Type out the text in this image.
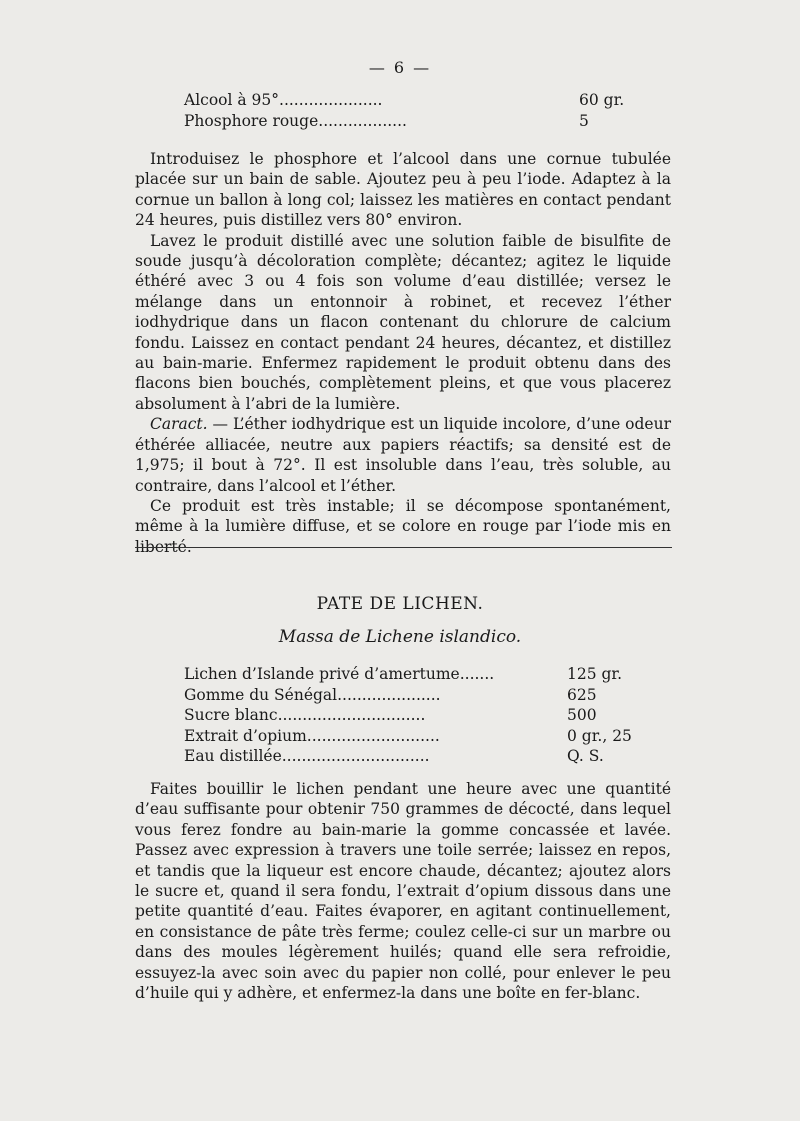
— 6 —
Alcool à 95°.....................	60 gr.
Phosphore rouge..................	5

Introduisez le phosphore et l’alcool dans une cornue tubulée placée sur un bain de sable. Ajoutez peu à peu l’iode. Adaptez à la cornue un ballon à long col; laissez les matières en contact pendant 24 heures, puis distillez vers 80° environ.

Lavez le produit distillé avec une solution faible de bisulfite de soude jusqu’à décoloration complète; décantez; agitez le liquide éthéré avec 3 ou 4 fois son volume d’eau distillée; versez le mélange dans un entonnoir à robinet, et recevez l’éther iodhydrique dans un flacon contenant du chlorure de calcium fondu. Laissez en contact pendant 24 heures, décantez, et distillez au bain-marie. Enfermez rapidement le produit obtenu dans des flacons bien bouchés, complètement pleins, et que vous placerez absolument à l’abri de la lumière.

Caract. — L’éther iodhydrique est un liquide incolore, d’une odeur éthérée alliacée, neutre aux papiers réactifs; sa densité est de 1,975; il bout à 72°. Il est insoluble dans l’eau, très soluble, au contraire, dans l’alcool et l’éther.

Ce produit est très instable; il se décompose spontanément, même à la lumière diffuse, et se colore en rouge par l’iode mis en liberté.

PATE DE LICHEN.
Massa de Lichene islandico.
Lichen d’Islande privé d’amertume.......	125 gr.
Gomme du Sénégal.....................	625
Sucre blanc..............................	500
Extrait d’opium...........................	0 gr., 25
Eau distillée..............................	Q. S.

Faites bouillir le lichen pendant une heure avec une quantité d’eau suffisante pour obtenir 750 grammes de décocté, dans lequel vous ferez fondre au bain-marie la gomme concassée et lavée. Passez avec expression à travers une toile serrée; laissez en repos, et tandis que la liqueur est encore chaude, décantez; ajoutez alors le sucre et, quand il sera fondu, l’extrait d’opium dissous dans une petite quantité d’eau. Faites évaporer, en agitant continuellement, en consistance de pâte très ferme; coulez celle-ci sur un marbre ou dans des moules légèrement huilés; quand elle sera refroidie, essuyez-la avec soin avec du papier non collé, pour enlever le peu d’huile qui y adhère, et enfermez-la dans une boîte en fer-blanc.
